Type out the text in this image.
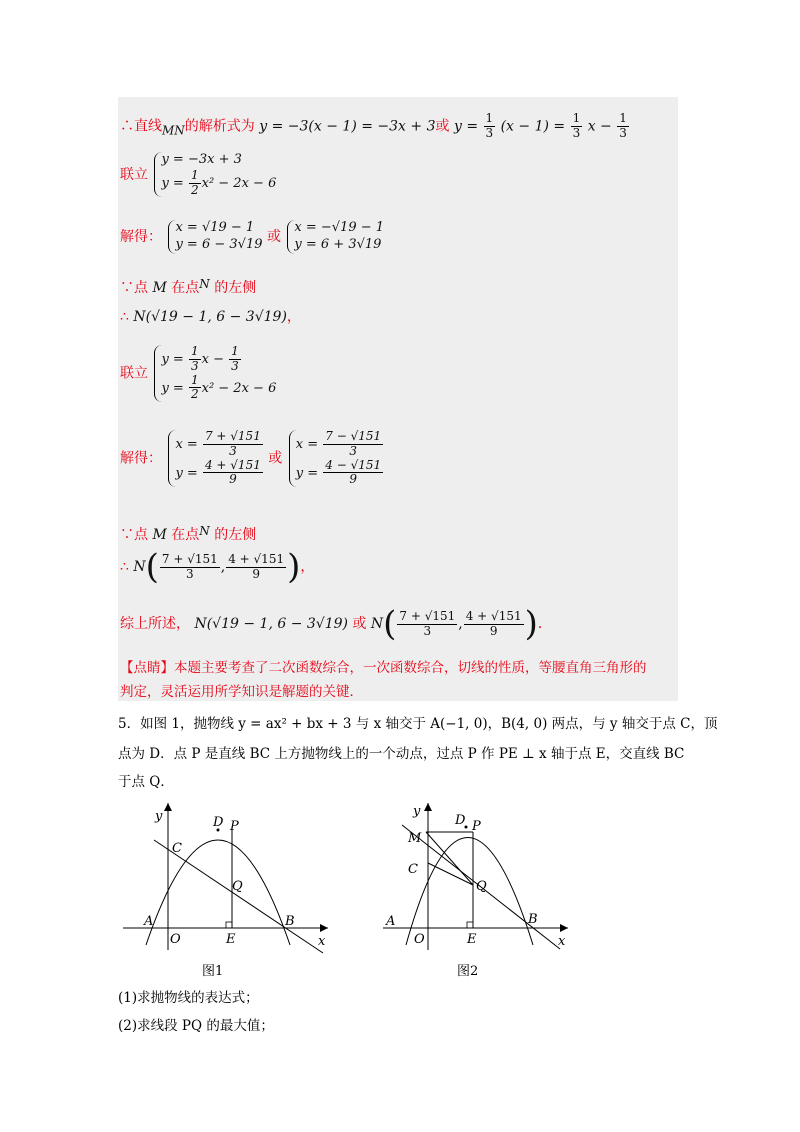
∴直线MN的解析式为 y = −3(x − 1) = −3x + 3或 $y = \frac{1}{3} (x - 1) = \frac{1}{3}$ $x - \frac{1}{3}$
联立
y = −3x + 3
$y = \frac{1}{2} x^2 - 2x - 6$
解得：
x = √19 − 1
y = 6 − 3√19 或
x = −√19 − 1
y = 6 + 3√19
∵点 M 在点N 的左侧
∴ N(√19 − 1, 6 − 3√19)，
联立
$y = \frac{1}{3}$ $x - \frac{1}{3}$
$y = \frac{1}{2} x^2 - 2x - 6$
解得：
$x = \frac{7 + √151}{3}$
$y = \frac{4 + √151}{9}$ 或
$x = \frac{7 - √151}{3}$
$y = \frac{4 - √151}{9}$
∵点 M 在点N 的左侧
∴ $N( \frac{7 + √151}{3}$ , $\frac{4 + √151}{9}$ )，
综上所述， N(√19 − 1, 6 − 3√19) 或 $N( \frac{7 + √151}{3}$ , $\frac{4 + √151}{9}$ )．
【点睛】本题主要考查了二次函数综合，一次函数综合，切线的性质，等腰直角三角形的
判定，灵活运用所学知识是解题的关键．
5．如图 1，抛物线 y = ax² + bx + 3 与 x 轴交于 A(−1, 0)，B(4, 0) 两点，与 y 轴交于点 C，顶
点为 D．点 P 是直线 BC 上方抛物线上的一个动点，过点 P 作 PE ⊥ x 轴于点 E，交直线 BC
于点 Q．
y
x
O
A	B
C
D P
Q
E
图1
y
x
O
A	B
C
M
D P
Q
E
图2
(1)求抛物线的表达式；
(2)求线段 PQ 的最大值；
